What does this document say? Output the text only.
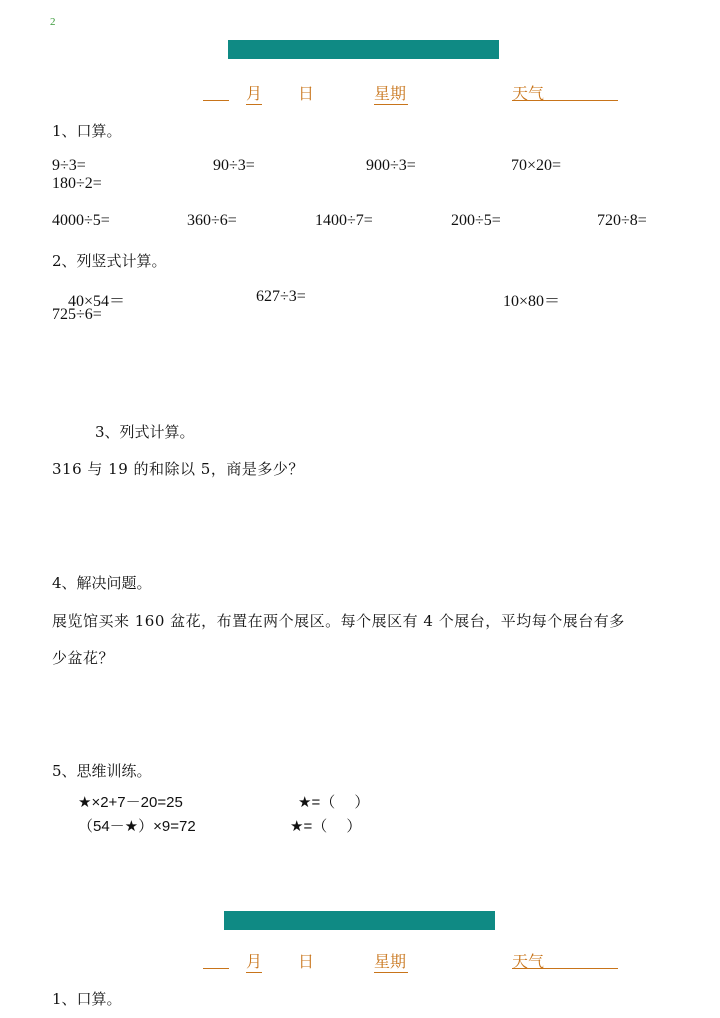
2
月 日	星期	天气
1、口算。
9÷3=	90÷3=	900÷3=	70×20=
180÷2=
4000÷5=	360÷6=	1400÷7=	200÷5=	720÷8=
2、列竖式计算。
40×54＝	627÷3=	10×80＝
725÷6=
3、列式计算。
316 与 19 的和除以 5，商是多少？
4、解决问题。
展览馆买来 160 盆花，布置在两个展区。每个展区有 4 个展台，平均每个展台有多
少盆花？
5、思维训练。
★×2+7－20=25	★=（　 ）
（54－★）×9=72	★=（　 ）
月 日	星期	天气
1、口算。
